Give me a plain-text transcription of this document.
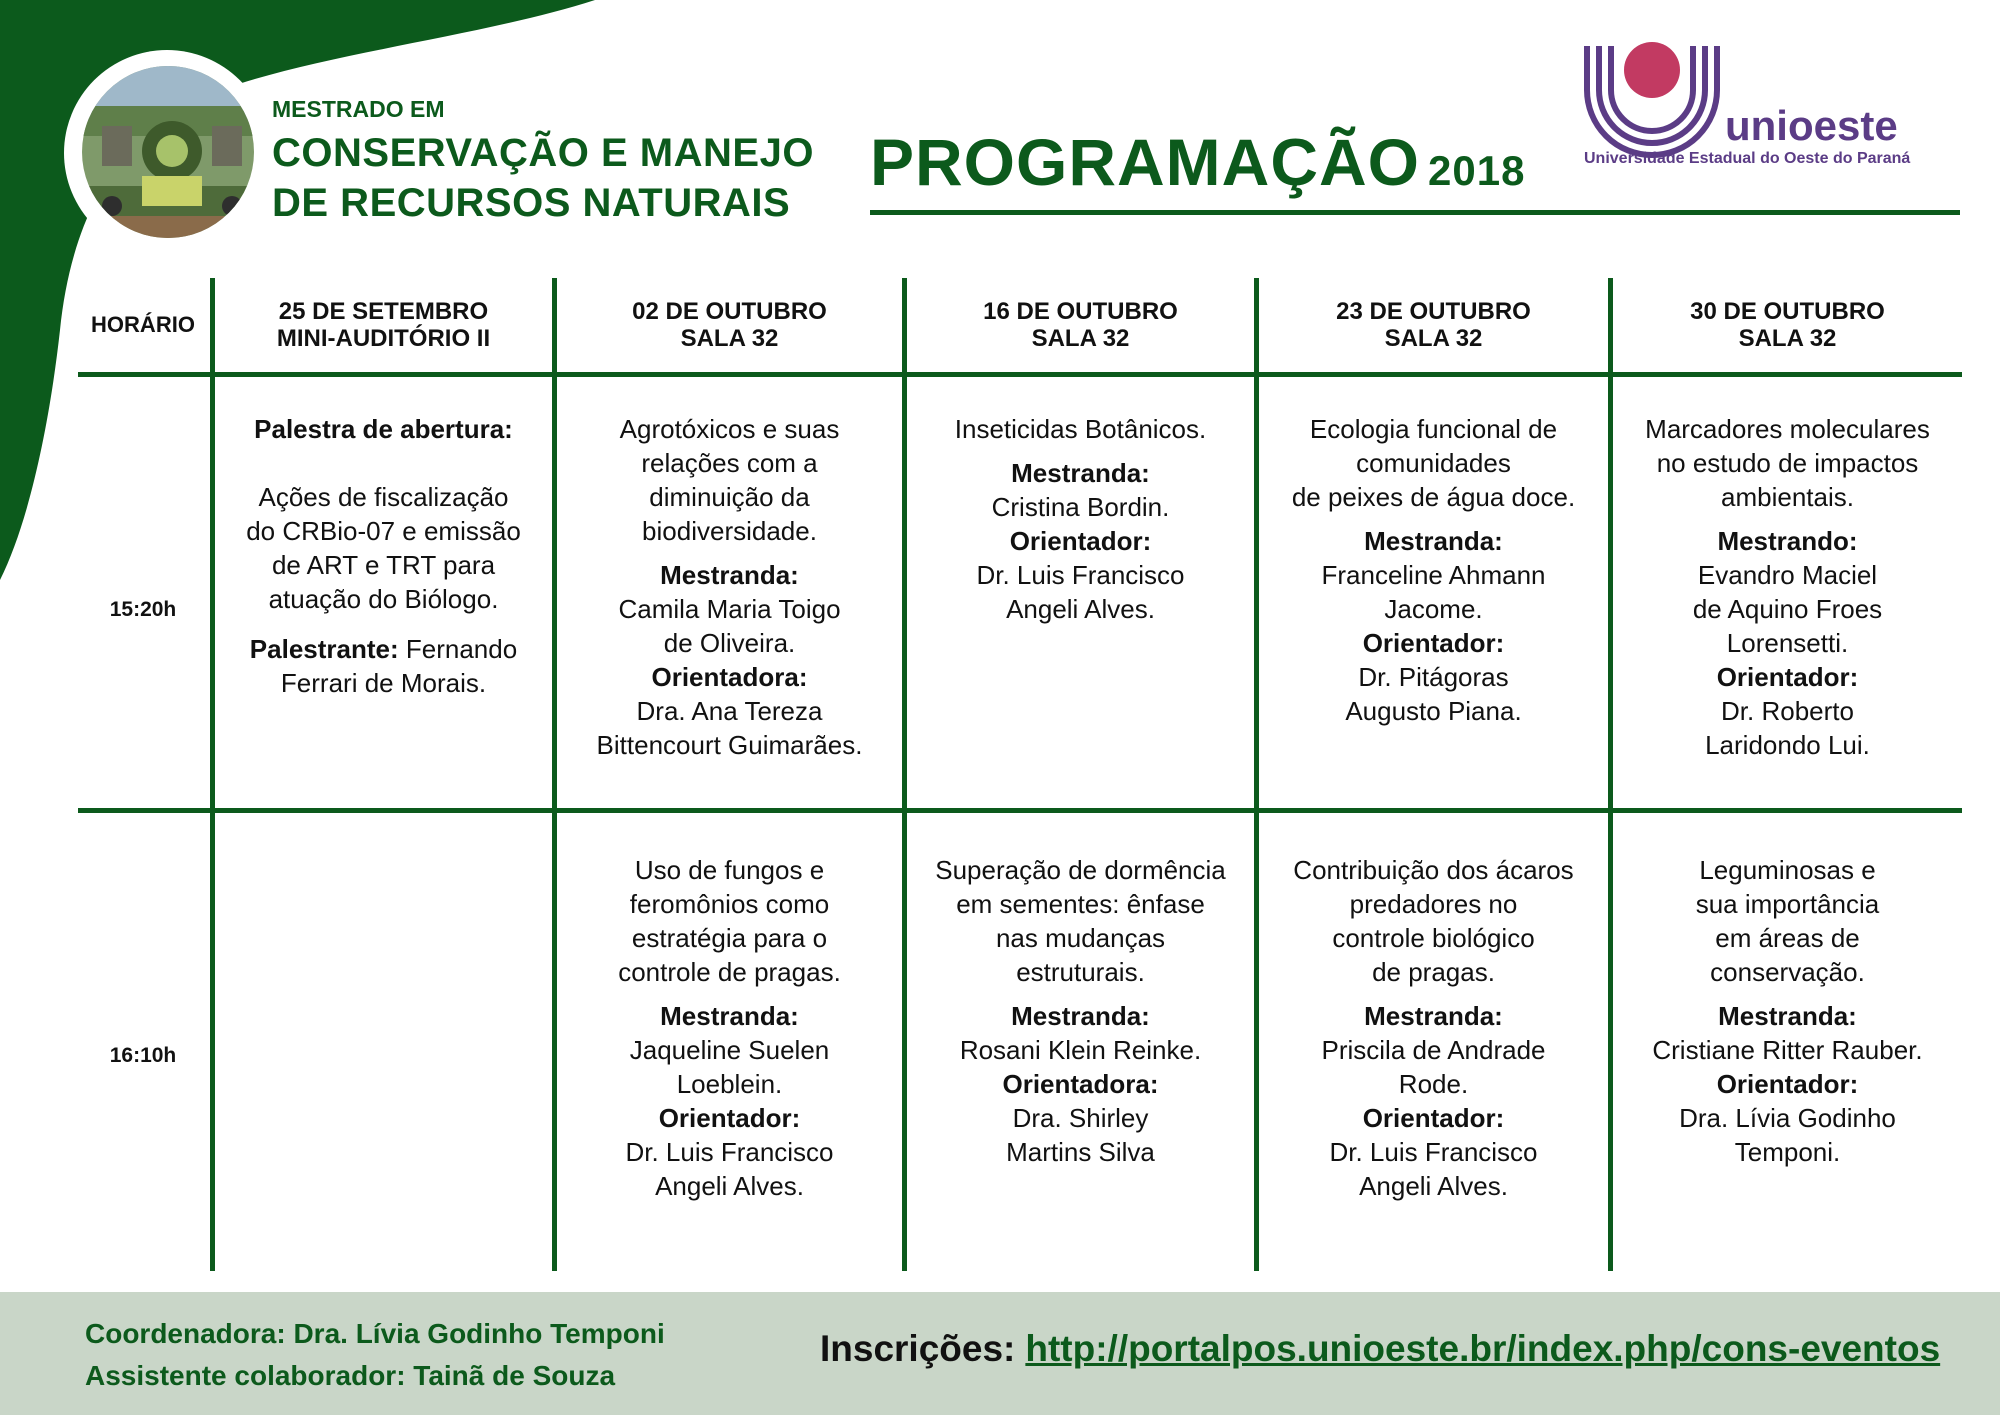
MESTRADO EM
CONSERVAÇÃO E MANEJO
DE RECURSOS NATURAIS
PROGRAMAÇÃO 2018
unioeste
Universidade Estadual do Oeste do Paraná
HORÁRIO	25 DE SETEMBRO
MINI-AUDITÓRIO II
02 DE OUTUBRO
SALA 32
16 DE OUTUBRO
SALA 32
23 DE OUTUBRO
SALA 32
30 DE OUTUBRO
SALA 32
15:20h
16:10h
Palestra de abertura:
Ações de fiscalização
do CRBio-07 e emissão
de ART e TRT para
atuação do Biólogo.
Palestrante: Fernando
Ferrari de Morais.
Agrotóxicos e suas
relações com a
diminuição da
biodiversidade.
Mestranda:
Camila Maria Toigo
de Oliveira.
Orientadora:
Dra. Ana Tereza
Bittencourt Guimarães.
Inseticidas Botânicos.
Mestranda:
Cristina Bordin.
Orientador:
Dr. Luis Francisco
Angeli Alves.
Ecologia funcional de
comunidades
de peixes de água doce.
Mestranda:
Franceline Ahmann
Jacome.
Orientador:
Dr. Pitágoras
Augusto Piana.
Marcadores moleculares
no estudo de impactos
ambientais.
Mestrando:
Evandro Maciel
de Aquino Froes
Lorensetti.
Orientador:
Dr. Roberto
Laridondo Lui.
Uso de fungos e
feromônios como
estratégia para o
controle de pragas.
Mestranda:
Jaqueline Suelen
Loeblein.
Orientador:
Dr. Luis Francisco
Angeli Alves.
Superação de dormência
em sementes: ênfase
nas mudanças
estruturais.
Mestranda:
Rosani Klein Reinke.
Orientadora:
Dra. Shirley
Martins Silva
Contribuição dos ácaros
predadores no
controle biológico
de pragas.
Mestranda:
Priscila de Andrade
Rode.
Orientador:
Dr. Luis Francisco
Angeli Alves.
Leguminosas e
sua importância
em áreas de
conservação.
Mestranda:
Cristiane Ritter Rauber.
Orientador:
Dra. Lívia Godinho
Temponi.
Coordenadora: Dra. Lívia Godinho Temponi
Assistente colaborador: Tainã de Souza
Inscrições: http://portalpos.unioeste.br/index.php/cons-eventos
